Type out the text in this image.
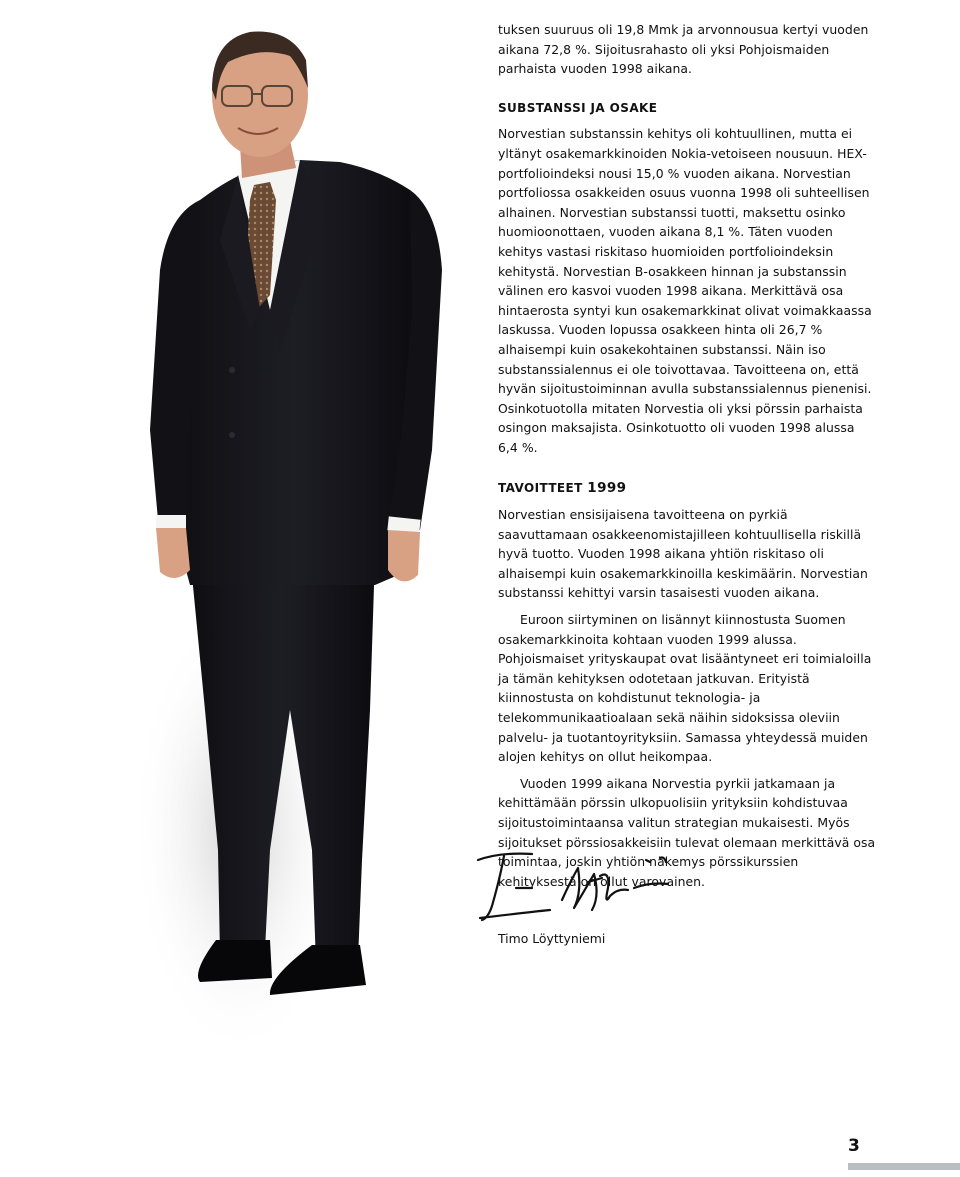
tuksen suuruus oli 19,8 Mmk ja arvonnousua kertyi vuoden aikana 72,8 %. Sijoitusrahasto oli yksi Pohjoismaiden parhaista vuoden 1998 aikana.

SUBSTANSSI JA OSAKE

Norvestian substanssin kehitys oli kohtuullinen, mutta ei yltänyt osakemarkkinoiden Nokia-vetoiseen nousuun. HEX-portfolioindeksi nousi 15,0 % vuoden aikana. Norvestian portfoliossa osakkeiden osuus vuonna 1998 oli suhteellisen alhainen. Norvestian substanssi tuotti, maksettu osinko huomioonottaen, vuoden aikana 8,1 %. Täten vuoden kehitys vastasi riskitaso huomioiden portfolioindeksin kehitystä. Norvestian B-osakkeen hinnan ja substanssin välinen ero kasvoi vuoden 1998 aikana. Merkittävä osa hintaerosta syntyi kun osakemarkkinat olivat voimakkaassa laskussa. Vuoden lopussa osakkeen hinta oli 26,7 % alhaisempi kuin osakekohtainen substanssi. Näin iso substanssialennus ei ole toivottavaa. Tavoitteena on, että hyvän sijoitustoiminnan avulla substanssialennus pienenisi. Osinkotuotolla mitaten Norvestia oli yksi pörssin parhaista osingon maksajista. Osinkotuotto oli vuoden 1998 alussa 6,4 %.

TAVOITTEET 1999

Norvestian ensisijaisena tavoitteena on pyrkiä saavuttamaan osakkeenomistajilleen kohtuullisella riskillä hyvä tuotto. Vuoden 1998 aikana yhtiön riskitaso oli alhaisempi kuin osakemarkkinoilla keskimäärin. Norvestian substanssi kehittyi varsin tasaisesti vuoden aikana.

Euroon siirtyminen on lisännyt kiinnostusta Suomen osakemarkkinoita kohtaan vuoden 1999 alussa. Pohjoismaiset yrityskaupat ovat lisääntyneet eri toimialoilla ja tämän kehityksen odotetaan jatkuvan. Erityistä kiinnostusta on kohdistunut teknologia- ja telekommunikaatioalaan sekä näihin sidoksissa oleviin palvelu- ja tuotantoyrityksiin. Samassa yhteydessä muiden alojen kehitys on ollut heikompaa.

Vuoden 1999 aikana Norvestia pyrkii jatkamaan ja kehittämään pörssin ulkopuolisiin yrityksiin kohdistuvaa sijoitustoimintaansa valitun strategian mukaisesti. Myös sijoitukset pörssiosakkeisiin tulevat olemaan merkittävä osa toimintaa, joskin yhtiön näkemys pörssikurssien kehityksestä on ollut varovainen.

Timo Löyttyniemi
3
